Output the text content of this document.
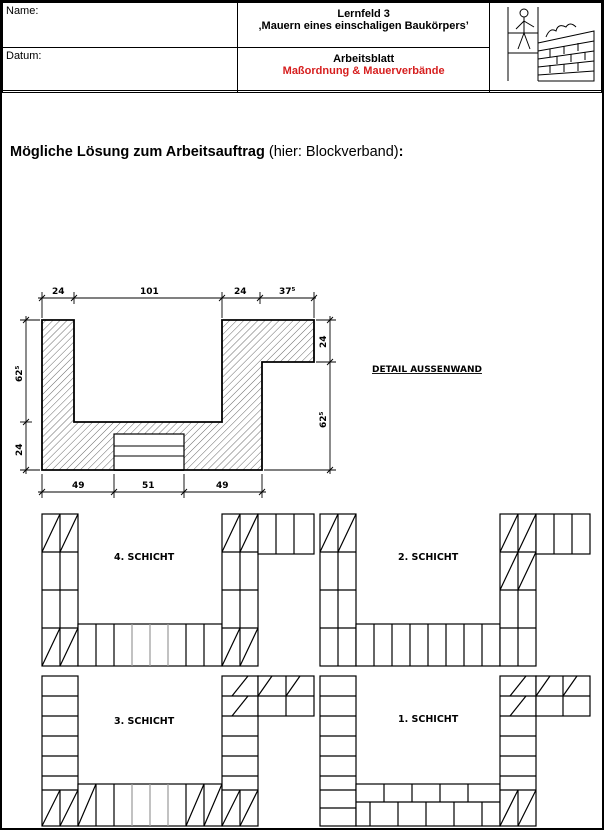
Name:	Lernfeld 3
‚Mauern eines einschaligen Baukörpers’

Datum:	Arbeitsblatt
Maßordnung & Mauerverbände	
Mögliche Lösung zum Arbeitsauftrag (hier: Blockverband):
24	101	24	37⁵
49	51	49
62⁵
24
24
62⁵
DETAIL AUSSENWAND
4. SCHICHT	2. SCHICHT
3. SCHICHT	1. SCHICHT
